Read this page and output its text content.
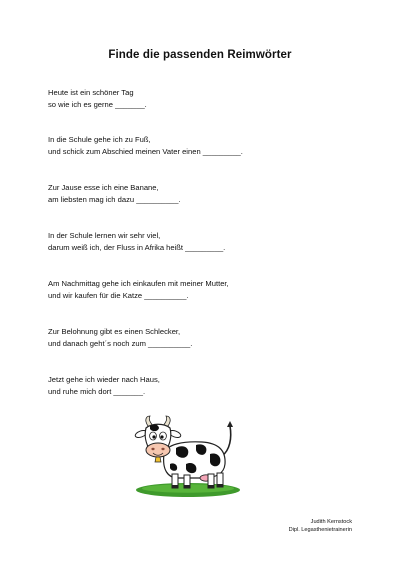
Finde die passenden Reimwörter
Heute ist ein schöner Tag
so wie ich es gerne _______.
In die Schule gehe ich zu Fuß,
und schick zum Abschied meinen Vater einen _________.
Zur Jause esse ich eine Banane,
am liebsten mag ich dazu __________.
In der Schule lernen wir sehr viel,
darum weiß ich, der Fluss in Afrika heißt _________.
Am Nachmittag gehe ich einkaufen mit meiner Mutter,
und wir kaufen für die Katze __________.
Zur Belohnung gibt es einen Schlecker,
und danach geht´s noch zum __________.
Jetzt gehe ich wieder nach Haus,
und ruhe mich dort _______.
Judith Kernstock
Dipl. Legasthenietrainerin
